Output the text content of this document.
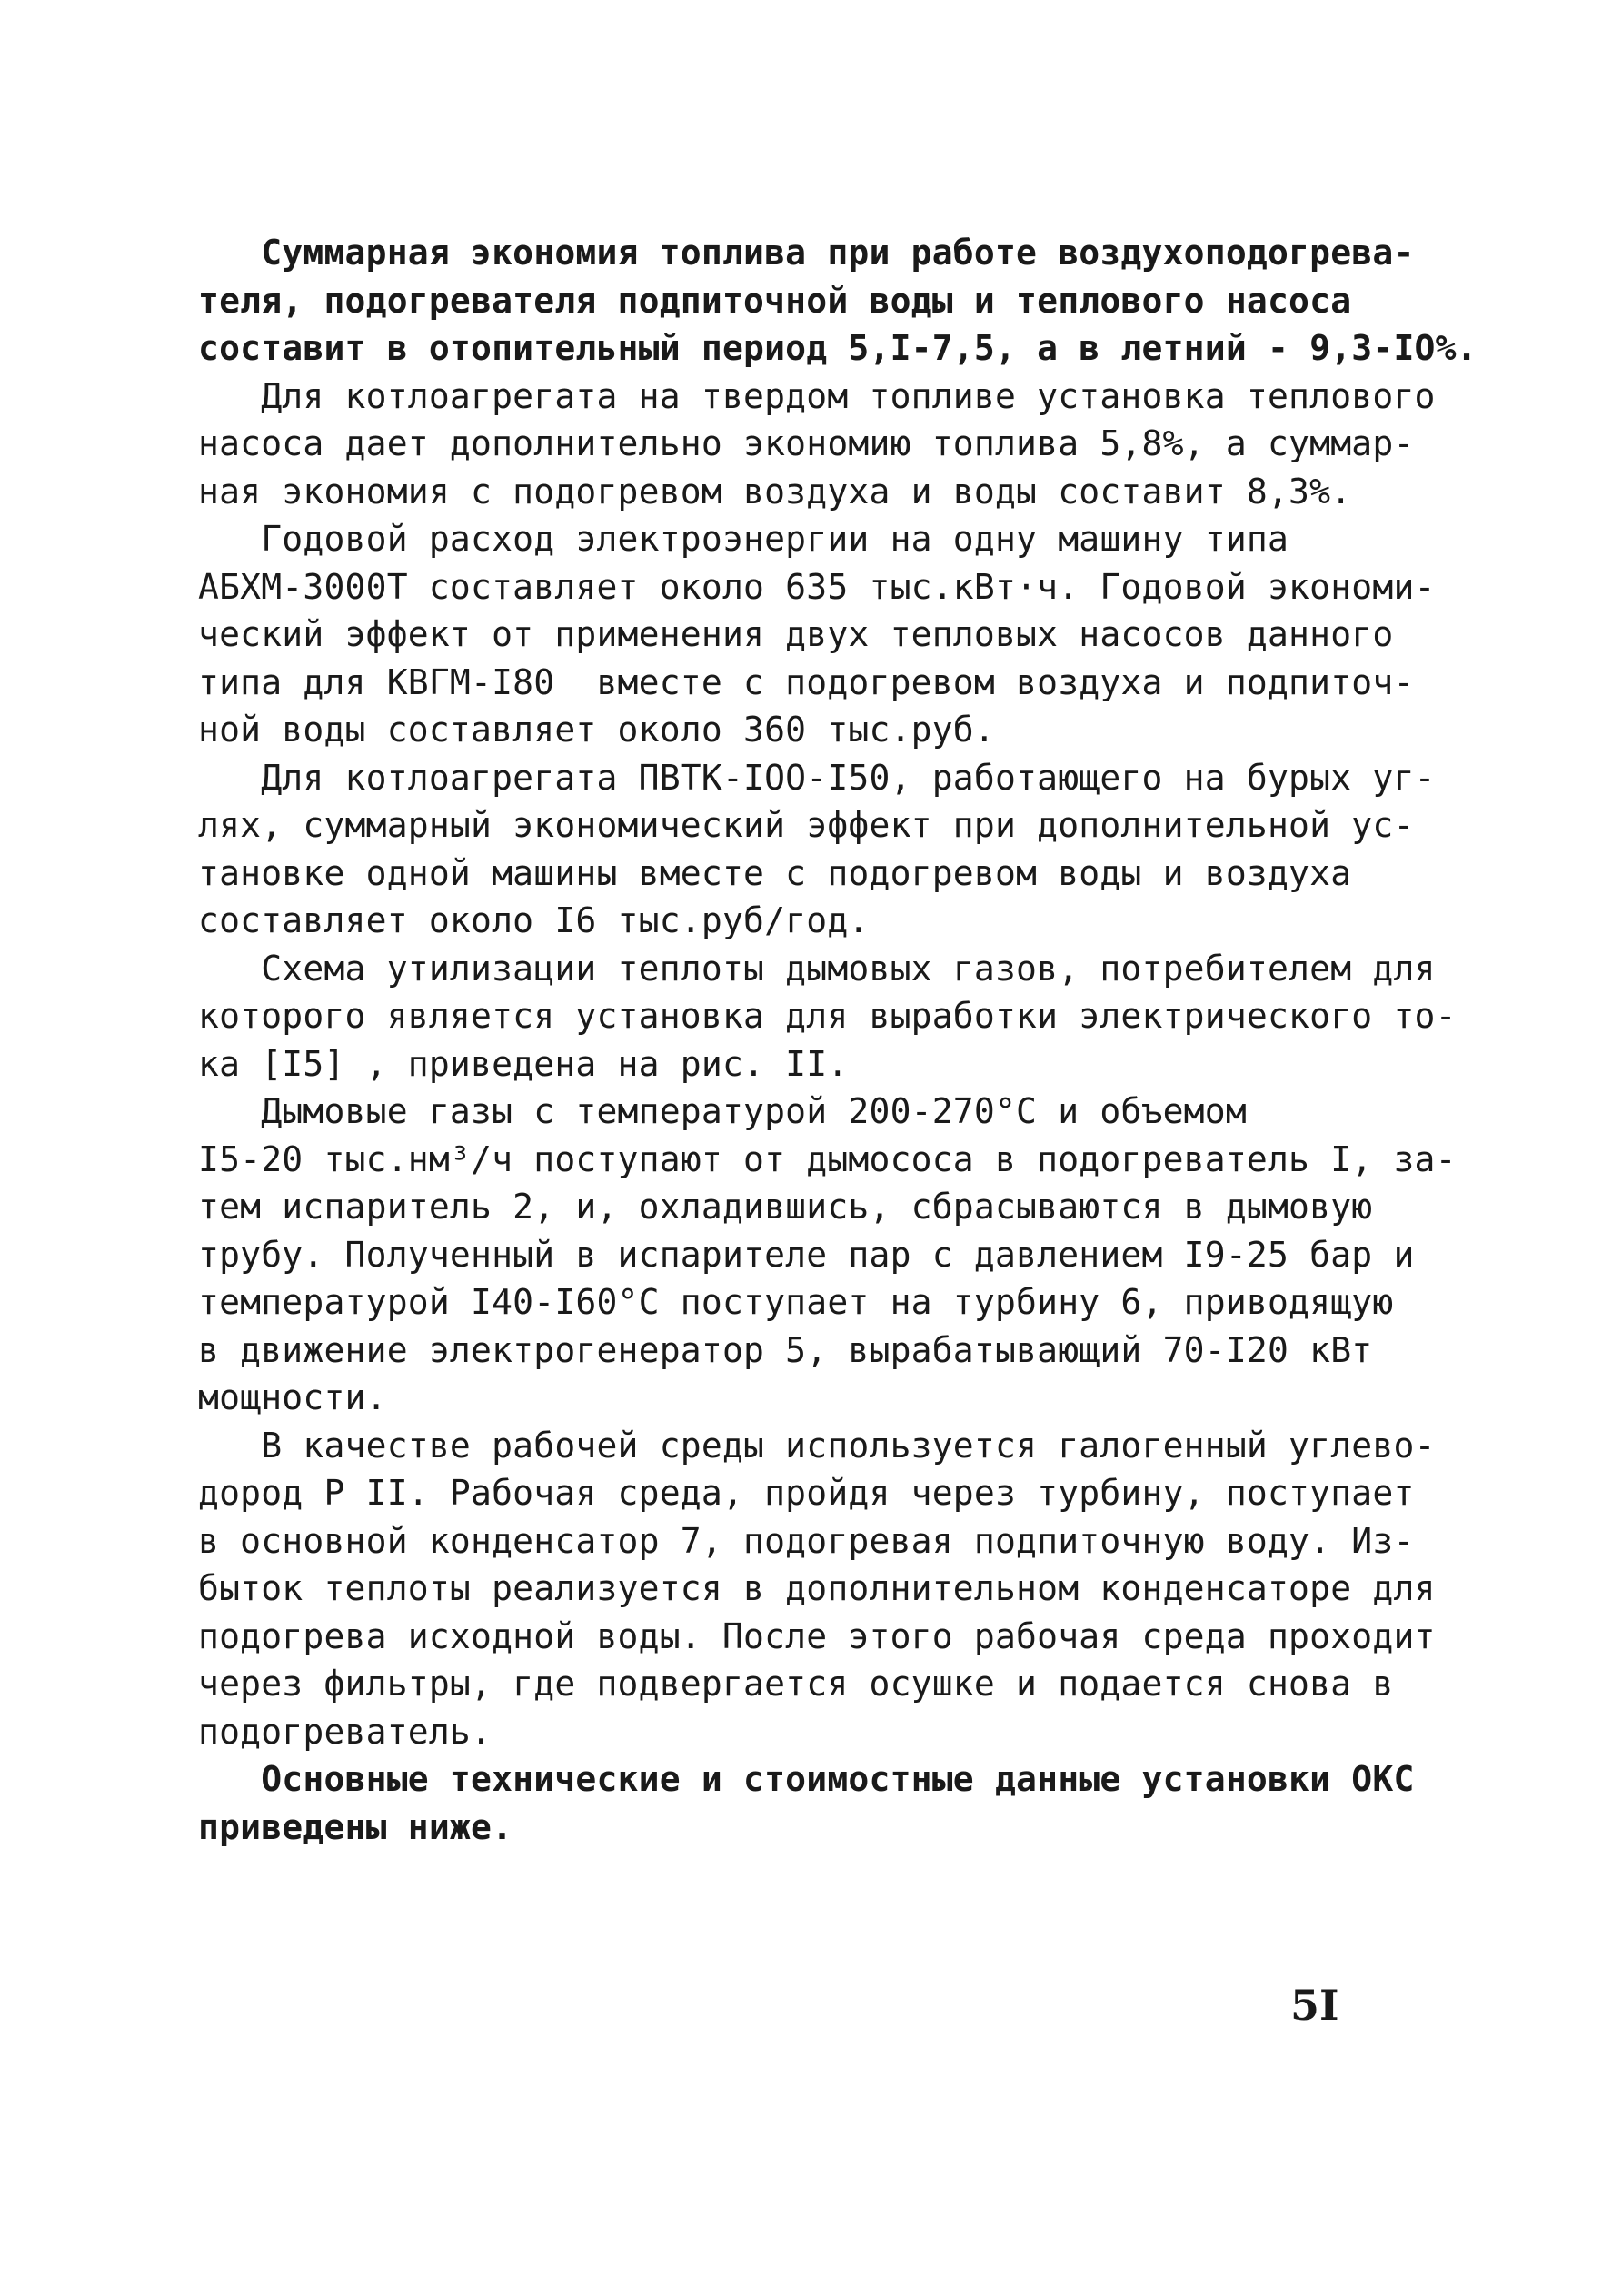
Суммарная экономия топлива при работе воздухоподогрева-
теля, подогревателя подпиточной воды и теплового насоса
составит в отопительный период 5,I-7,5, а в летний - 9,3-IO%.
Для котлоагрегата на твердом топливе установка теплового
насоса дает дополнительно экономию топлива 5,8%, а суммар-
ная экономия с подогревом воздуха и воды составит 8,3%.
Годовой расход электроэнергии на одну машину типа
АБХМ-3000Т составляет около 635 тыс.кВт·ч. Годовой экономи-
ческий эффект от применения двух тепловых насосов данного
типа для КВГМ-I80  вместе с подогревом воздуха и подпиточ-
ной воды составляет около 360 тыс.руб.
Для котлоагрегата ПВТК-IOO-I50, работающего на бурых уг-
лях, суммарный экономический эффект при дополнительной ус-
тановке одной машины вместе с подогревом воды и воздуха
составляет около I6 тыс.руб/год.
Схема утилизации теплоты дымовых газов, потребителем для
которого является установка для выработки электрического то-
ка [I5] , приведена на рис. II.
Дымовые газы с температурой 200-270°С и объемом
I5-20 тыс.нм³/ч поступают от дымососа в подогреватель I, за-
тем испаритель 2, и, охладившись, сбрасываются в дымовую
трубу. Полученный в испарителе пар с давлением I9-25 бар и
температурой I40-I60°С поступает на турбину 6, приводящую
в движение электрогенератор 5, вырабатывающий 70-I20 кВт
мощности.
В качестве рабочей среды используется галогенный углево-
дород Р II. Рабочая среда, пройдя через турбину, поступает
в основной конденсатор 7, подогревая подпиточную воду. Из-
быток теплоты реализуется в дополнительном конденсаторе для
подогрева исходной воды. После этого рабочая среда проходит
через фильтры, где подвергается осушке и подается снова в
подогреватель.
Основные технические и стоимостные данные установки ОКС
приведены ниже.
5I
